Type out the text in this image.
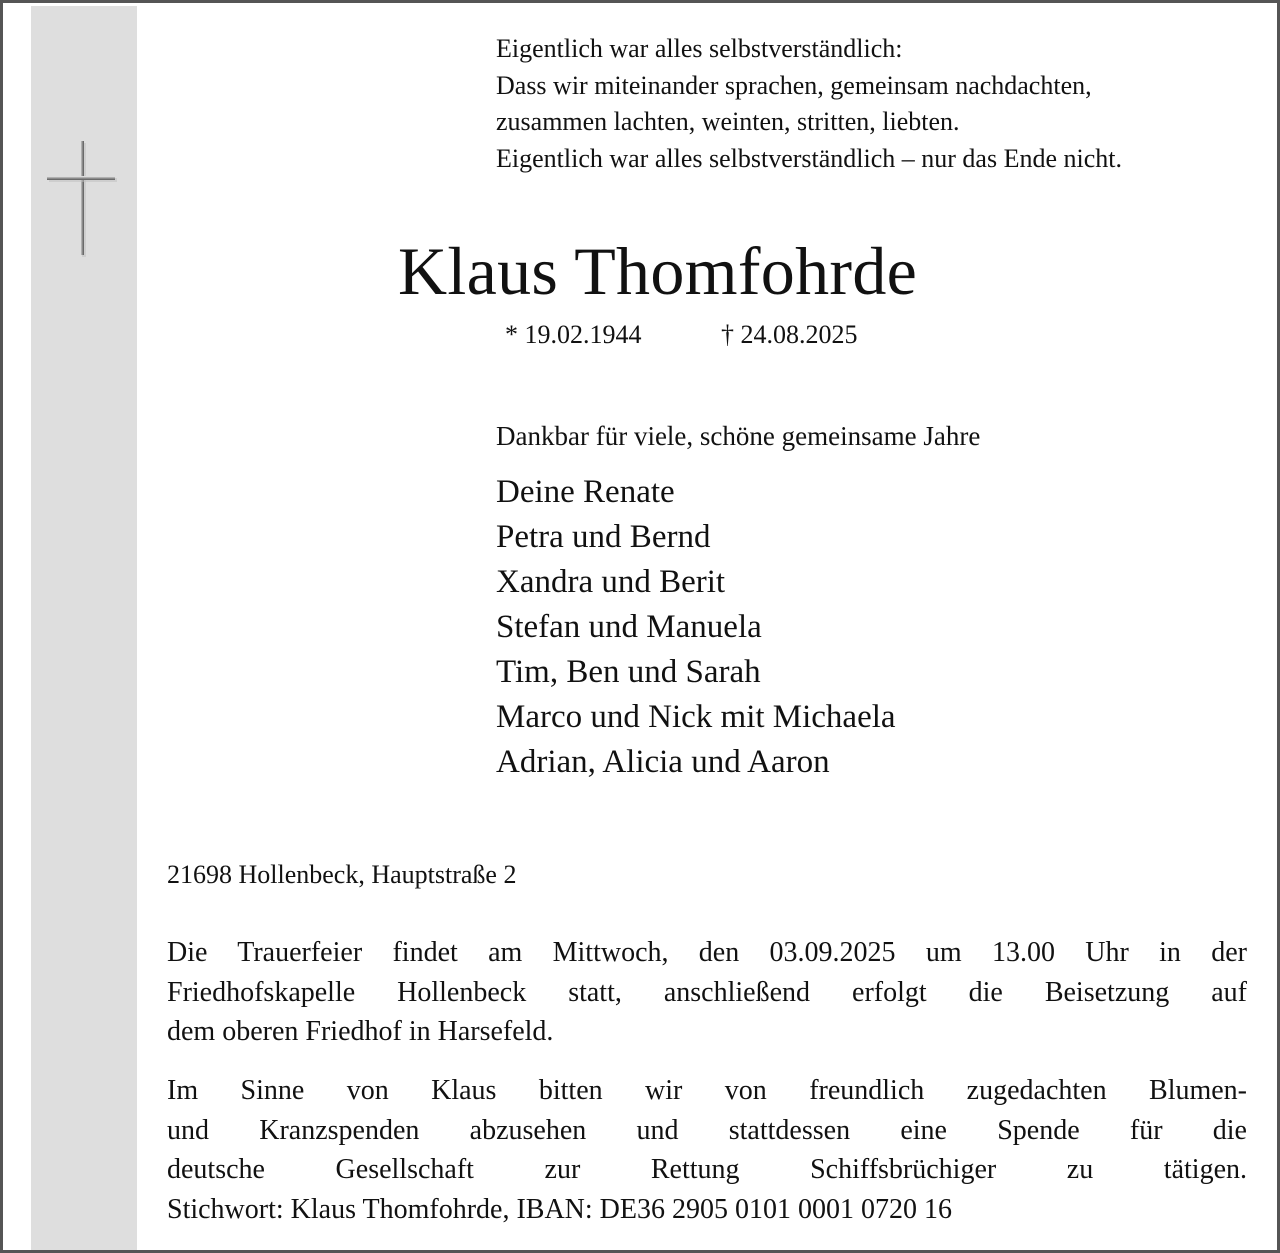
Eigentlich war alles selbstverständlich:
Dass wir miteinander sprachen, gemeinsam nachdachten,
zusammen lachten, weinten, stritten, liebten.
Eigentlich war alles selbstverständlich – nur das Ende nicht.
Klaus Thomfohrde
* 19.02.1944	† 24.08.2025
Dankbar für viele, schöne gemeinsame Jahre
Deine Renate
Petra und Bernd
Xandra und Berit
Stefan und Manuela
Tim, Ben und Sarah
Marco und Nick mit Michaela
Adrian, Alicia und Aaron
21698 Hollenbeck, Hauptstraße 2

Die Trauerfeier findet am Mittwoch, den 03.09.2025 um 13.00 Uhr in der
Friedhofskapelle Hollenbeck statt, anschließend erfolgt die Beisetzung auf
dem oberen Friedhof in Harsefeld.

Im Sinne von Klaus bitten wir von freundlich zugedachten Blumen-
und Kranzspenden abzusehen und stattdessen eine Spende für die
deutsche Gesellschaft zur Rettung Schiffsbrüchiger zu tätigen.
Stichwort: Klaus Thomfohrde, IBAN: DE36 2905 0101 0001 0720 16
